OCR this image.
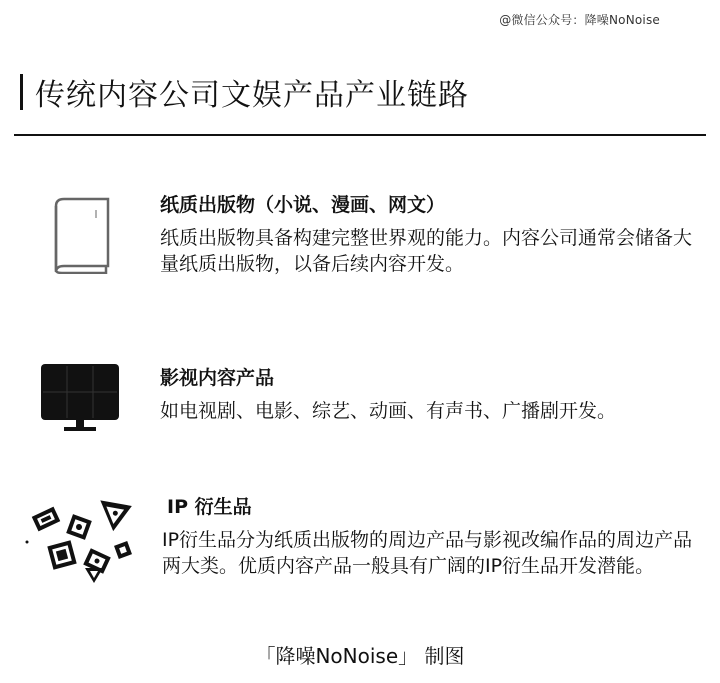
@微信公众号：降噪NoNoise
传统内容公司文娱产品产业链路
纸质出版物（小说、漫画、网文）

纸质出版物具备构建完整世界观的能力。内容公司通常会储备大量纸质出版物，以备后续内容开发。

影视内容产品

如电视剧、电影、综艺、动画、有声书、广播剧开发。

IP 衍生品

IP衍生品分为纸质出版物的周边产品与影视改编作品的周边产品两大类。优质内容产品一般具有广阔的IP衍生品开发潜能。

「降噪NoNoise」 制图
